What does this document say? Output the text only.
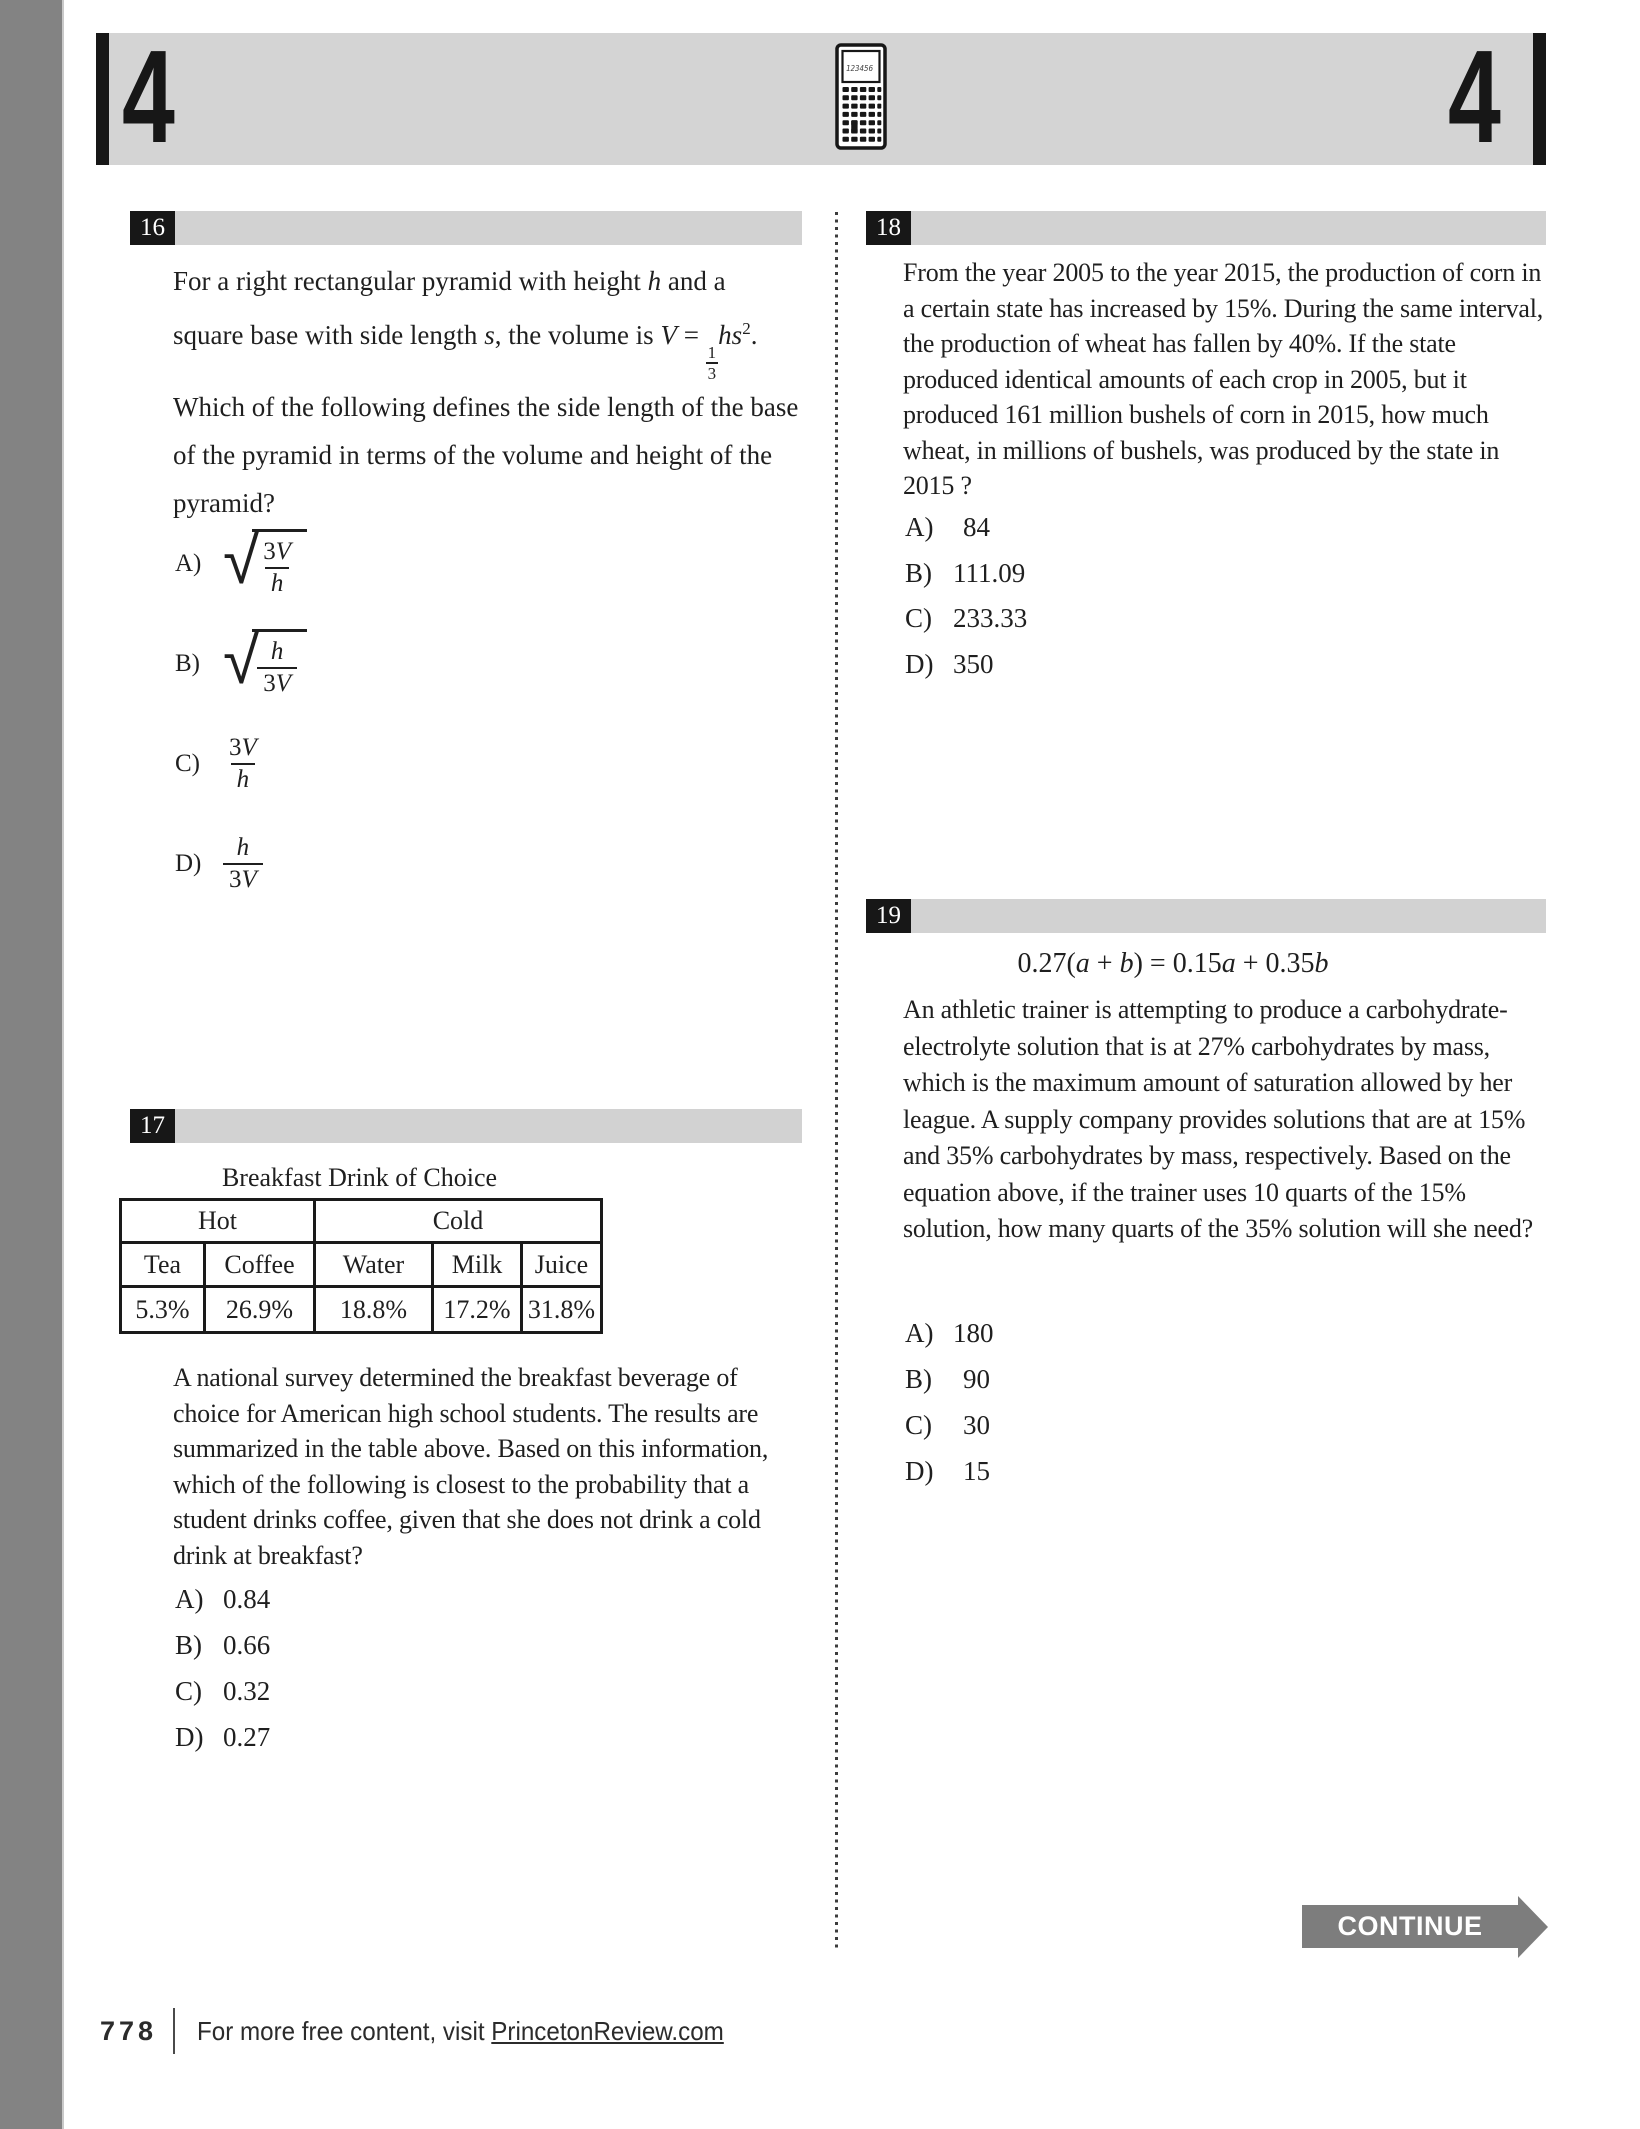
4	4
123456
16
For a right rectangular pyramid with height h and a square base with side length s, the volume is V =
$\frac{1}{3}$
$hs^2$. Which of the following defines the side length of the base of the pyramid in terms of the volume and height of the pyramid?
A) √
$\frac{3V}{h}$
B) √
$\frac{h}{3V}$
$C) \frac{3V}{h}$
$D) \frac{h}{3V}$
17
Breakfast Drink of Choice
Hot		Cold		
Tea	Coffee	Water	Milk	Juice
5.3%	26.9%	18.8%	17.2%	31.8%
A national survey determined the breakfast beverage of choice for American high school students. The results are summarized in the table above. Based on this information, which of the following is closest to the probability that a student drinks coffee, given that she does not drink a cold drink at breakfast?
A) 0.84
B) 0.66
C) 0.32
D) 0.27
18
From the year 2005 to the year 2015, the production of corn in a certain state has increased by 15%. During the same interval, the production of wheat has fallen by 40%. If the state produced identical amounts of each crop in 2005, but it produced 161 million bushels of corn in 2015, how much wheat, in millions of bushels, was produced by the state in 2015 ?
A)	84
B) 111.09
C) 233.33
D) 350
19
0.27(a + b) = 0.15a + 0.35b
An athletic trainer is attempting to produce a carbohydrate-electrolyte solution that is at 27% carbohydrates by mass, which is the maximum amount of saturation allowed by her league. A supply company provides solutions that are at 15% and 35% carbohydrates by mass, respectively. Based on the equation above, if the trainer uses 10 quarts of the 15% solution, how many quarts of the 35% solution will she need?
A) 180
B)	90
C)	30
D)	15
CONTINUE
778 For more free content, visit PrincetonReview.com
